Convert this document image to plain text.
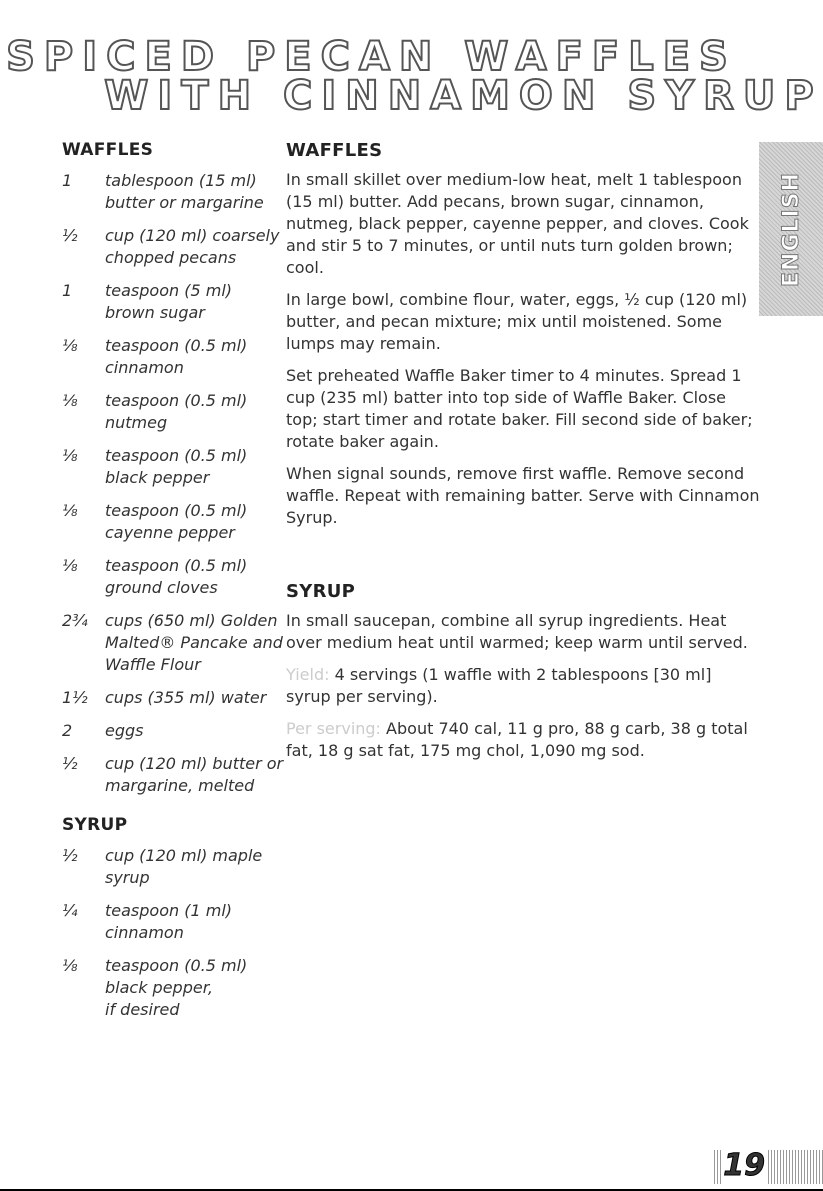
SPICED PECAN WAFFLES
WITH CINNAMON SYRUP
ENGLISH
WAFFLES
1	tablespoon (15 ml)
butter or margarine
½	cup (120 ml) coarsely
chopped pecans
1	teaspoon (5 ml)
brown sugar
⅛	teaspoon (0.5 ml)
cinnamon
⅛	teaspoon (0.5 ml)
nutmeg
⅛	teaspoon (0.5 ml)
black pepper
⅛	teaspoon (0.5 ml)
cayenne pepper
⅛	teaspoon (0.5 ml)
ground cloves
2¾	cups (650 ml) Golden
Malted® Pancake and
Waffle Flour
1½	cups (355 ml) water
2	eggs
½	cup (120 ml) butter or
margarine, melted
SYRUP
½	cup (120 ml) maple
syrup
¼	teaspoon (1 ml)
cinnamon
⅛	teaspoon (0.5 ml)
black pepper,
if desired
WAFFLES

In small skillet over medium-low heat, melt 1 tablespoon (15 ml) butter. Add pecans, brown sugar, cinnamon, nutmeg, black pepper, cayenne pepper, and cloves. Cook and stir 5 to 7 minutes, or until nuts turn golden brown; cool.

In large bowl, combine flour, water, eggs, ½ cup (120 ml) butter, and pecan mixture; mix until moistened. Some lumps may remain.

Set preheated Waffle Baker timer to 4 minutes. Spread 1 cup (235 ml) batter into top side of Waffle Baker. Close top; start timer and rotate baker. Fill second side of baker; rotate baker again.

When signal sounds, remove first waffle. Remove second waffle. Repeat with remaining batter. Serve with Cinnamon Syrup.

SYRUP

In small saucepan, combine all syrup ingredients. Heat over medium heat until warmed; keep warm until served.

Yield: 4 servings (1 waffle with 2 tablespoons [30 ml] syrup per serving).

Per serving: About 740 cal, 11 g pro, 88 g carb, 38 g total fat, 18 g sat fat, 175 mg chol, 1,090 mg sod.

19
